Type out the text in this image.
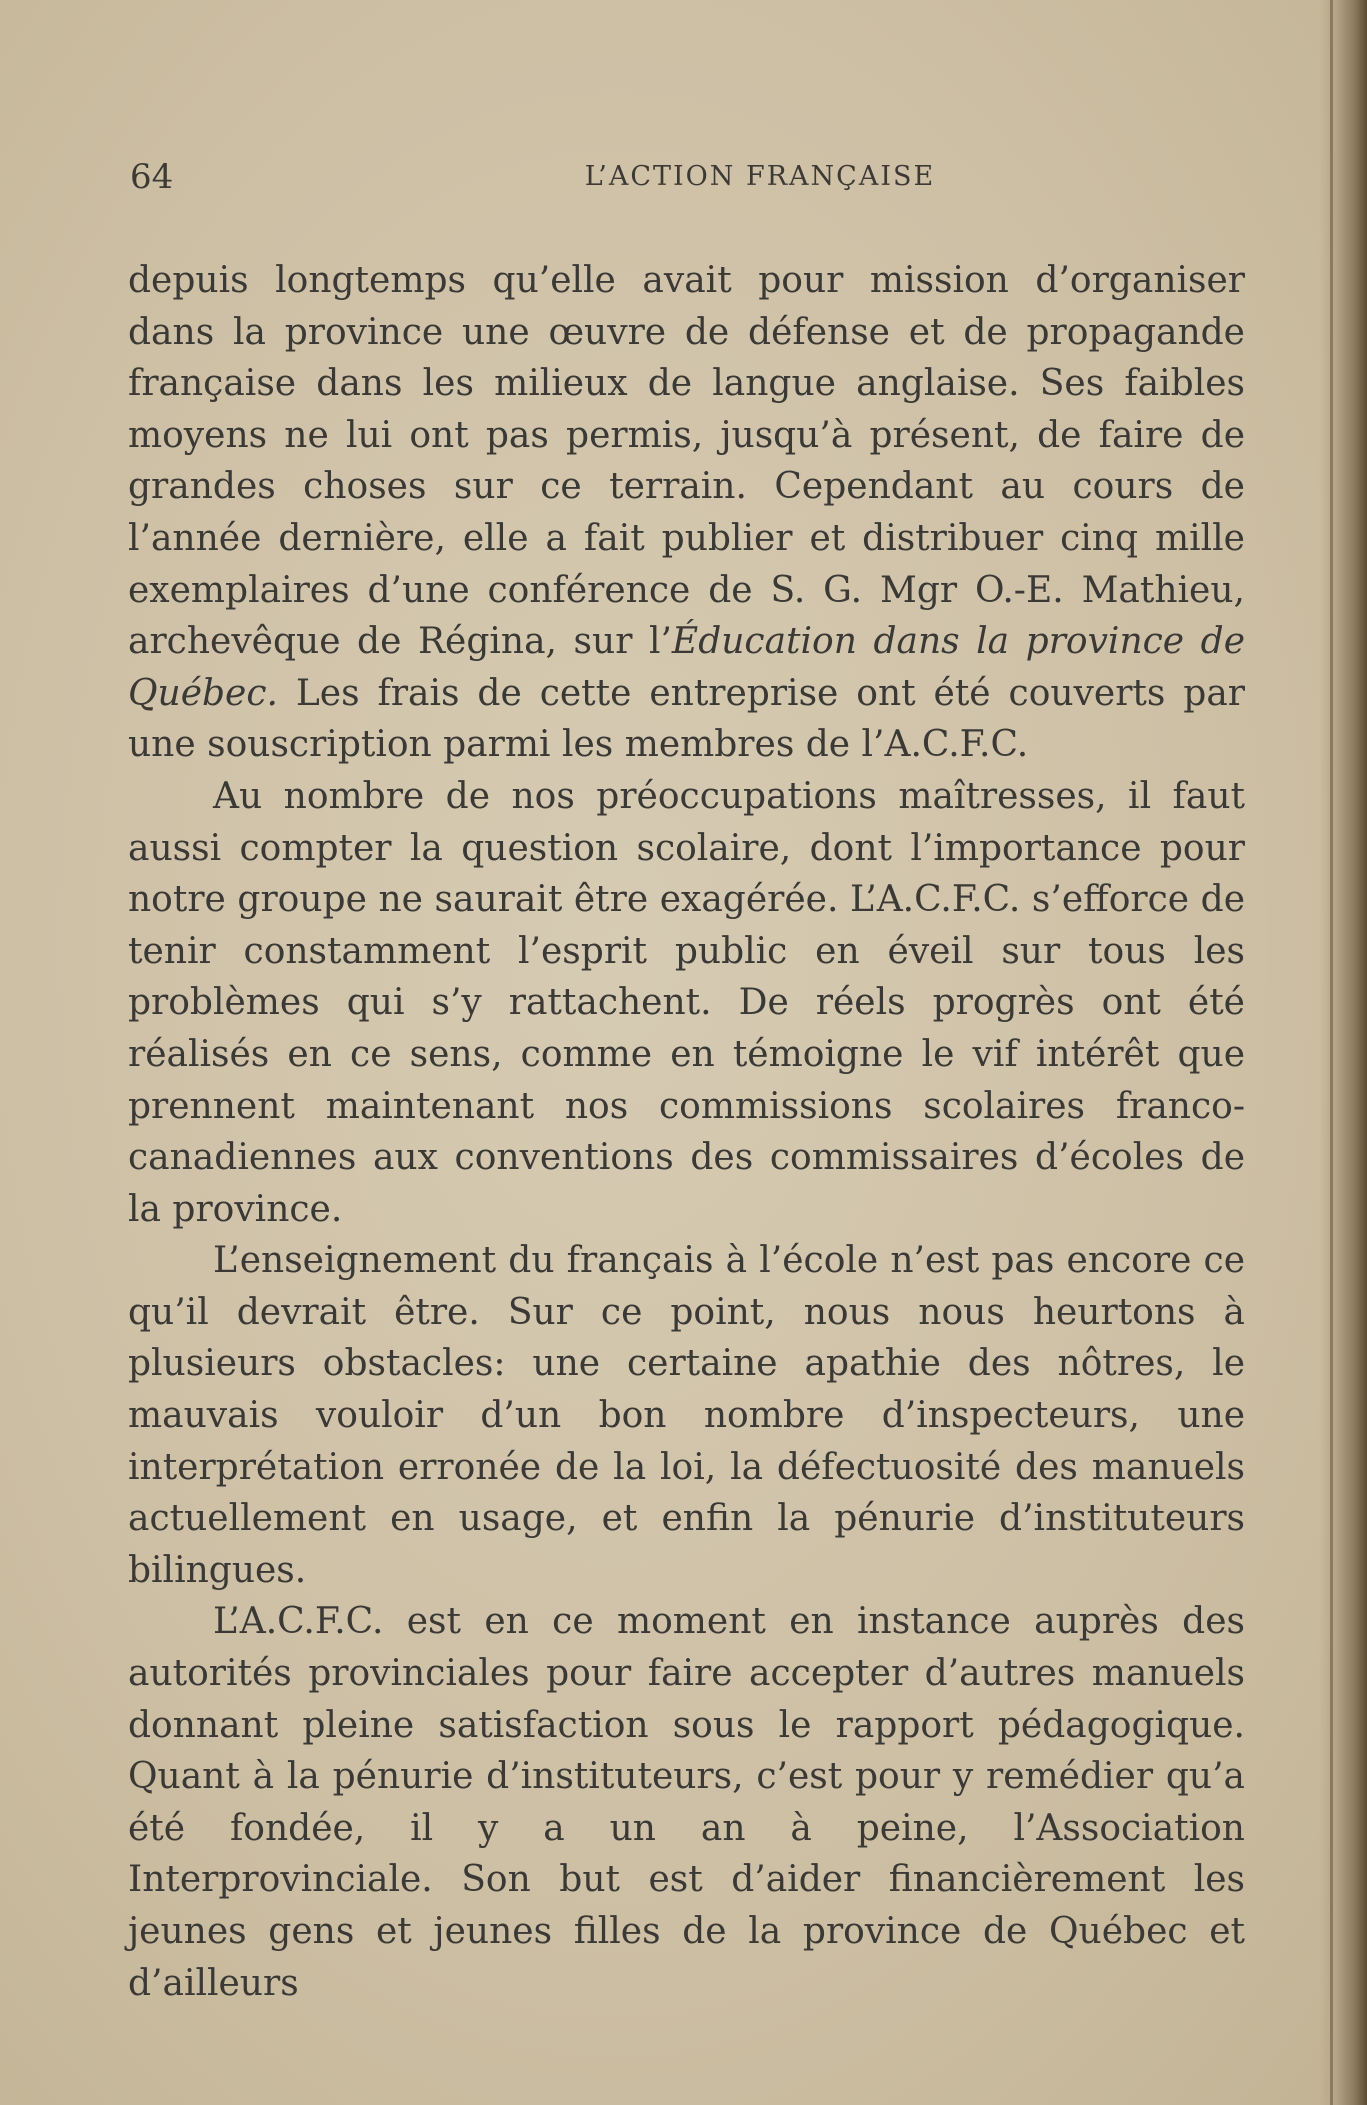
64	L’ACTION FRANÇAISE

depuis longtemps qu’elle avait pour mission d’organiser dans la province une œuvre de défense et de propagande française dans les milieux de langue anglaise. Ses faibles moyens ne lui ont pas permis, jusqu’à présent, de faire de grandes choses sur ce terrain. Cependant au cours de l’année dernière, elle a fait publier et distribuer cinq mille exemplaires d’une conférence de S. G. Mgr O.-E. Mathieu, archevêque de Régina, sur l’Éducation dans la province de Québec. Les frais de cette entreprise ont été couverts par une souscription parmi les membres de l’A.C.F.C.

Au nombre de nos préoccupations maîtresses, il faut aussi compter la question scolaire, dont l’importance pour notre groupe ne saurait être exagérée. L’A.C.F.C. s’efforce de tenir constamment l’esprit public en éveil sur tous les problèmes qui s’y rattachent. De réels progrès ont été réalisés en ce sens, comme en témoigne le vif intérêt que prennent maintenant nos commissions scolaires franco-canadiennes aux conventions des commissaires d’écoles de la province.

L’enseignement du français à l’école n’est pas encore ce qu’il devrait être. Sur ce point, nous nous heurtons à plusieurs obstacles: une certaine apathie des nôtres, le mauvais vouloir d’un bon nombre d’inspecteurs, une interprétation erronée de la loi, la défectuosité des manuels actuellement en usage, et enfin la pénurie d’instituteurs bilingues.

L’A.C.F.C. est en ce moment en instance auprès des autorités provinciales pour faire accepter d’autres manuels donnant pleine satisfaction sous le rapport pédagogique. Quant à la pénurie d’instituteurs, c’est pour y remédier qu’a été fondée, il y a un an à peine, l’Association Interprovinciale. Son but est d’aider financièrement les jeunes gens et jeunes filles de la province de Québec et d’ailleurs
